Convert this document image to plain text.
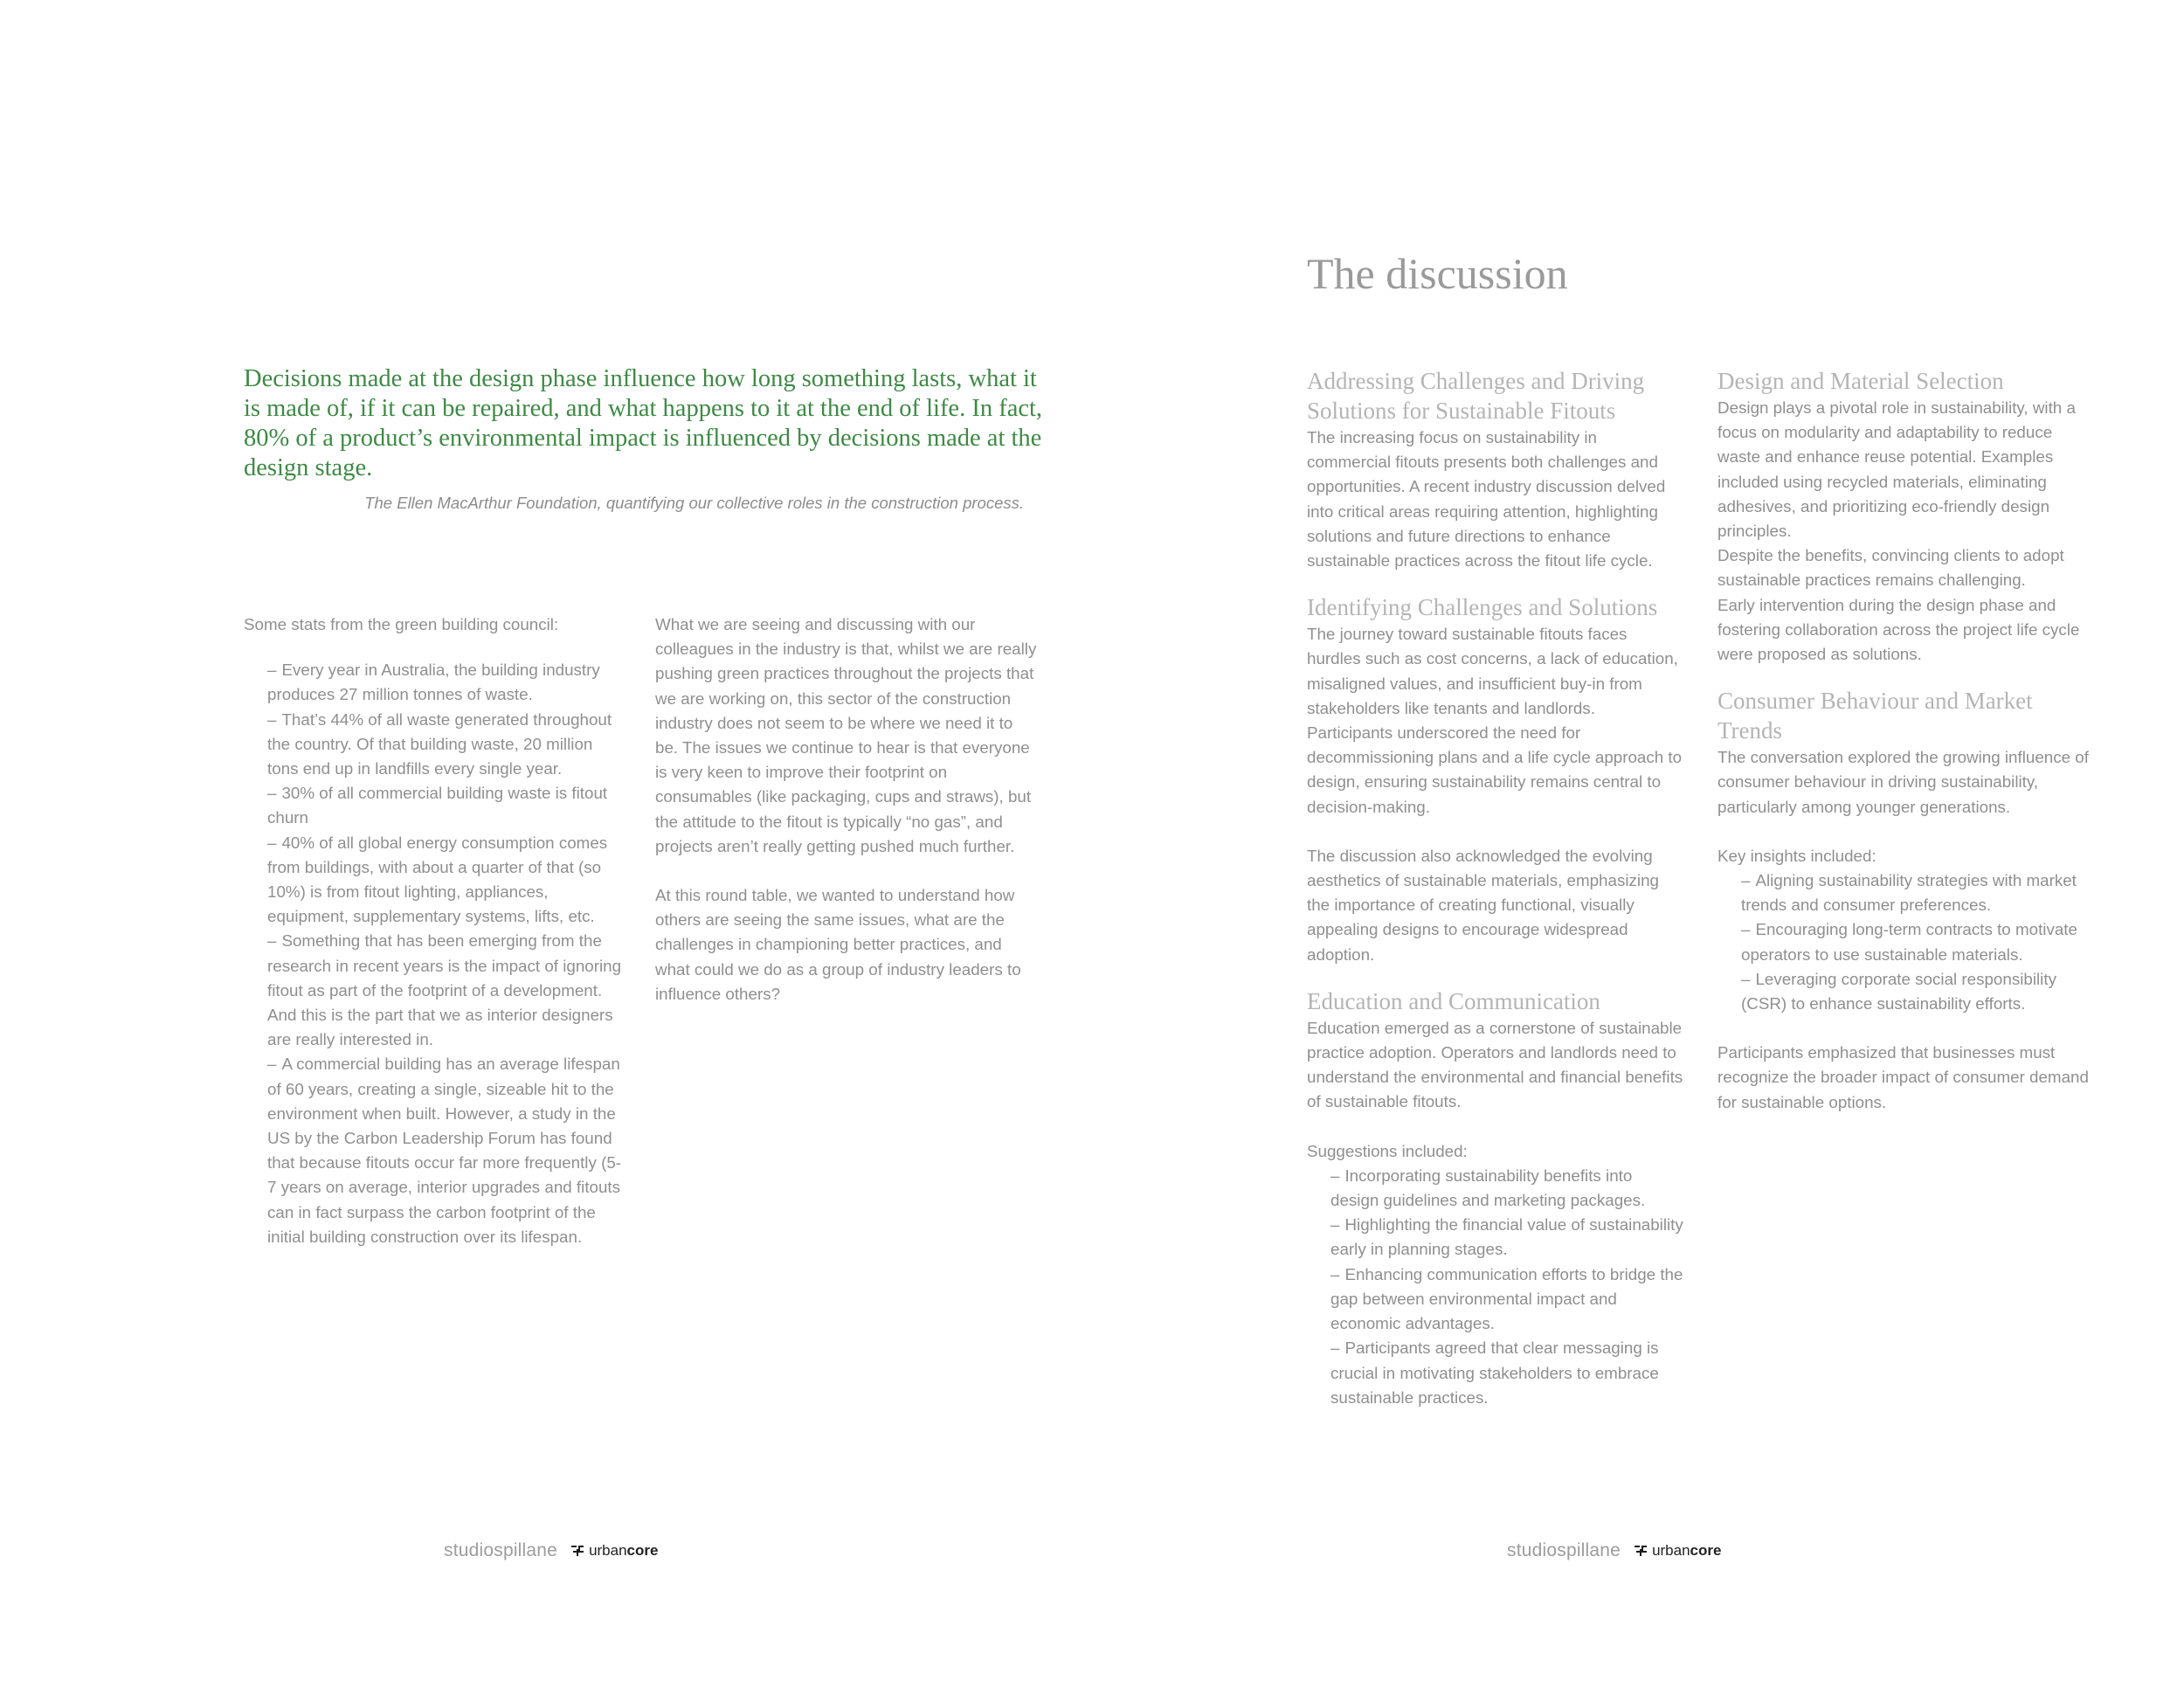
Decisions made at the design phase influence how long something lasts, what it is made of, if it can be repaired, and what happens to it at the end of life. In fact, 80% of a product’s environmental impact is influenced by decisions made at the design stage.
The Ellen MacArthur Foundation, quantifying our collective roles in the construction process.

Some stats from the green building council:

– Every year in Australia, the building industry produces 27 million tonnes of waste.
– That’s 44% of all waste generated throughout the country. Of that building waste, 20 million tons end up in landfills every single year.
– 30% of all commercial building waste is fitout churn
– 40% of all global energy consumption comes from buildings, with about a quarter of that (so 10%) is from fitout lighting, appliances, equipment, supplementary systems, lifts, etc.
– Something that has been emerging from the research in recent years is the impact of ignoring fitout as part of the footprint of a development. And this is the part that we as interior designers are really interested in.
– A commercial building has an average lifespan of 60 years, creating a single, sizeable hit to the environment when built. However, a study in the US by the Carbon Leadership Forum has found that because fitouts occur far more frequently (5-7 years on average, interior upgrades and fitouts can in fact surpass the carbon footprint of the initial building construction over its lifespan.

What we are seeing and discussing with our colleagues in the industry is that, whilst we are really pushing green practices throughout the projects that we are working on, this sector of the construction industry does not seem to be where we need it to be. The issues we continue to hear is that everyone is very keen to improve their footprint on consumables (like packaging, cups and straws), but the attitude to the fitout is typically “no gas”, and projects aren’t really getting pushed much further.

At this round table, we wanted to understand how others are seeing the same issues, what are the challenges in championing better practices, and what could we do as a group of industry leaders to influence others?

The discussion
Addressing Challenges and Driving Solutions for Sustainable Fitouts

The increasing focus on sustainability in commercial fitouts presents both challenges and opportunities. A recent industry discussion delved into critical areas requiring attention, highlighting solutions and future directions to enhance sustainable practices across the fitout life cycle.

Identifying Challenges and Solutions

The journey toward sustainable fitouts faces hurdles such as cost concerns, a lack of education, misaligned values, and insufficient buy-in from stakeholders like tenants and landlords. Participants underscored the need for decommissioning plans and a life cycle approach to design, ensuring sustainability remains central to decision-making.

The discussion also acknowledged the evolving aesthetics of sustainable materials, emphasizing the importance of creating functional, visually appealing designs to encourage widespread adoption.

Education and Communication

Education emerged as a cornerstone of sustainable practice adoption. Operators and landlords need to understand the environmental and financial benefits of sustainable fitouts.

Suggestions included:

– Incorporating sustainability benefits into design guidelines and marketing packages.
– Highlighting the financial value of sustainability early in planning stages.
– Enhancing communication efforts to bridge the gap between environmental impact and economic advantages.
– Participants agreed that clear messaging is crucial in motivating stakeholders to embrace sustainable practices.
Design and Material Selection

Design plays a pivotal role in sustainability, with a focus on modularity and adaptability to reduce waste and enhance reuse potential. Examples included using recycled materials, eliminating adhesives, and prioritizing eco-friendly design principles.

Despite the benefits, convincing clients to adopt sustainable practices remains challenging.

Early intervention during the design phase and fostering collaboration across the project life cycle were proposed as solutions.

Consumer Behaviour and Market Trends

The conversation explored the growing influence of consumer behaviour in driving sustainability, particularly among younger generations.

Key insights included:

– Aligning sustainability strategies with market trends and consumer preferences.
– Encouraging long-term contracts to motivate operators to use sustainable materials.
– Leveraging corporate social responsibility (CSR) to enhance sustainability efforts.

Participants emphasized that businesses must recognize the broader impact of consumer demand for sustainable options.

studiospillane urbancore	studiospillane urbancore
